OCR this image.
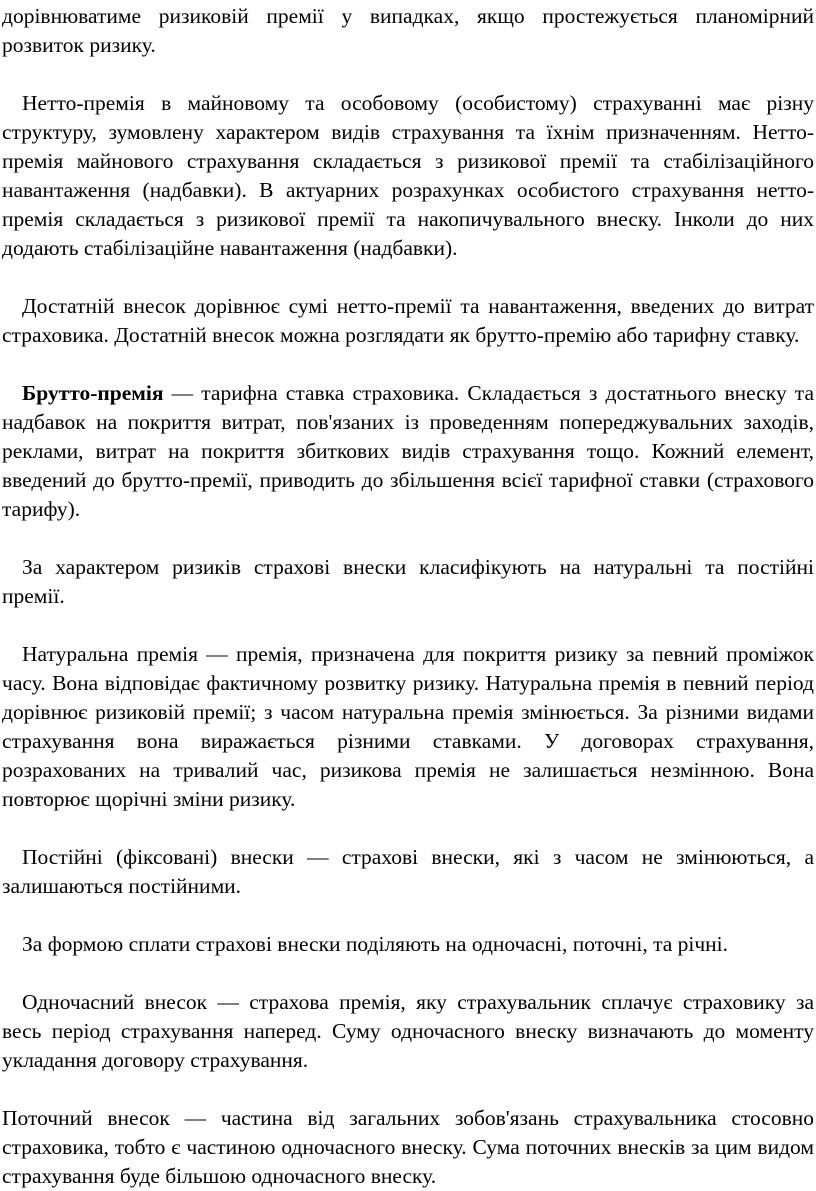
дорівнюватиме ризиковій премії у випадках, якщо простежується планомірний розвиток ризику.

Нетто-премія в майновому та особовому (особистому) страхуванні має різну структуру, зумовлену характером видів страхування та їхнім призначенням. Нетто-премія майнового страхування складається з ризикової премії та стабілізаційного навантаження (надбавки). В актуарних розрахунках особистого страхування нетто-премія складається з ризикової премії та накопичувального внеску. Інколи до них додають стабілізаційне навантаження (надбавки).

Достатній внесок дорівнює сумі нетто-премії та навантаження, введених до витрат страховика. Достатній внесок можна розглядати як брутто-премію або тарифну ставку.

Брутто-премія — тарифна ставка страховика. Складається з достатнього внеску та надбавок на покриття витрат, пов'язаних із проведенням попереджувальних заходів, реклами, витрат на покриття збиткових видів страхування тощо. Кожний елемент, введений до брутто-премії, приводить до збільшення всієї тарифної ставки (страхового тарифу).

За характером ризиків страхові внески класифікують на натуральні та постійні премії.

Натуральна премія — премія, призначена для покриття ризику за певний проміжок часу. Вона відповідає фактичному розвитку ризику. Натуральна премія в певний період дорівнює ризиковій премії; з часом натуральна премія змінюється. За різними видами страхування вона виражається різними ставками. У договорах страхування, розрахованих на тривалий час, ризикова премія не залишається незмінною. Вона повторює щорічні зміни ризику.

Постійні (фіксовані) внески — страхові внески, які з часом не змінюються, а залишаються постійними.

За формою сплати страхові внески поділяють на одночасні, поточні, та річні.

Одночасний внесок — страхова премія, яку страхувальник сплачує страховику за весь період страхування наперед. Суму одночасного внеску визначають до моменту укладання договору страхування.

Поточний внесок — частина від загальних зобов'язань страхувальника стосовно страховика, тобто є частиною одночасного внеску. Сума поточних внесків за цим видом страхування буде більшою одночасного внеску.
